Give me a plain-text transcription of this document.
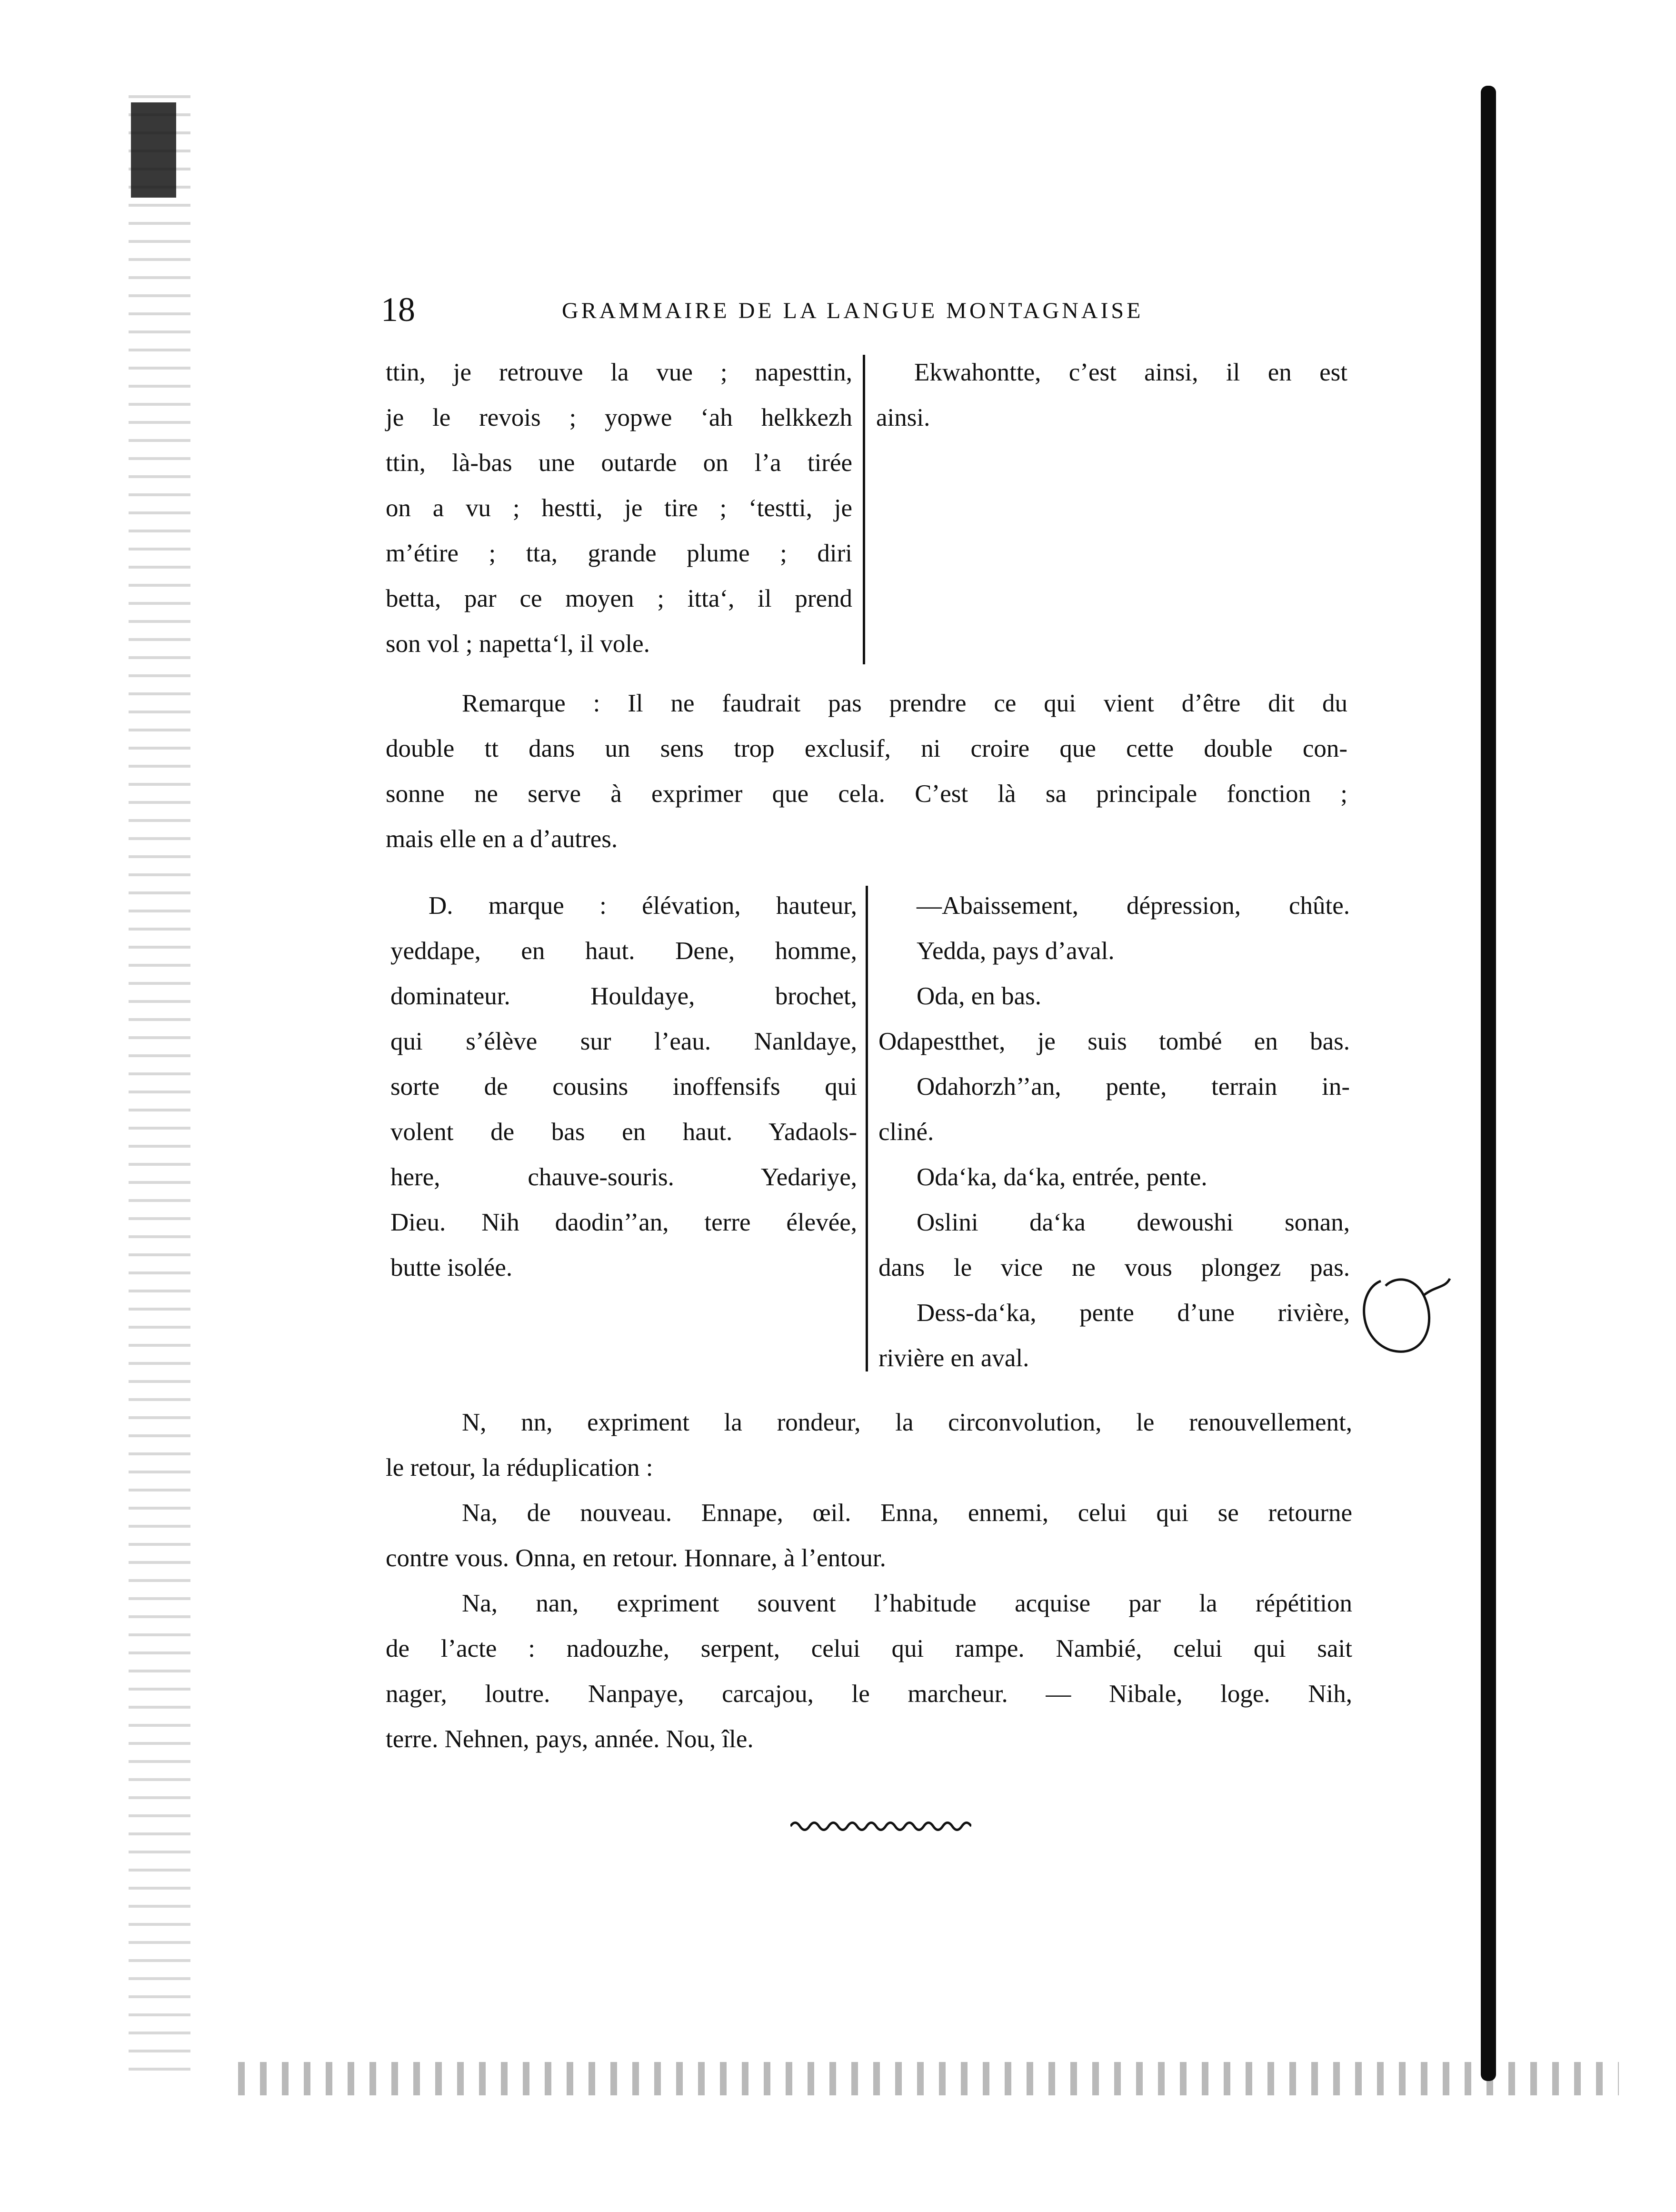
18	GRAMMAIRE DE LA LANGUE MONTAGNAISE
ttin, je retrouve la vue ; napesttin,
je le revois ; yopwe ‘ah helkkezh
ttin, là-bas une outarde on l’a tirée
on a vu ; hestti, je tire ; ‘testti, je
m’étire ; tta, grande plume ; diri
betta, par ce moyen ; itta‘, il prend
son vol ; napetta‘l, il vole.
Ekwahontte, c’est ainsi, il en est
ainsi.
Remarque : Il ne faudrait pas prendre ce qui vient d’être dit du
double tt dans un sens trop exclusif, ni croire que cette double con-
sonne ne serve à exprimer que cela. C’est là sa principale fonction ;
mais elle en a d’autres.
D. marque : élévation, hauteur,
yeddape, en haut. Dene, homme,
dominateur. Houldaye, brochet,
qui s’élève sur l’eau. Nanldaye,
sorte de cousins inoffensifs qui
volent de bas en haut. Yadaols-
here, chauve-souris. Yedariye,
Dieu. Nih daodin’’an, terre élevée,
butte isolée.
—Abaissement, dépression, chûte.
Yedda, pays d’aval.
Oda, en bas.
Odapestthet, je suis tombé en bas.
Odahorzh’’an, pente, terrain in-
cliné.
Oda‘ka, da‘ka, entrée, pente.
Oslini da‘ka dewoushi sonan,
dans le vice ne vous plongez pas.
Dess-da‘ka, pente d’une rivière,
rivière en aval.
N, nn, expriment la rondeur, la circonvolution, le renouvellement,
le retour, la réduplication :
Na, de nouveau. Ennape, œil. Enna, ennemi, celui qui se retourne
contre vous. Onna, en retour. Honnare, à l’entour.
Na, nan, expriment souvent l’habitude acquise par la répétition
de l’acte : nadouzhe, serpent, celui qui rampe. Nambié, celui qui sait
nager, loutre. Nanpaye, carcajou, le marcheur. — Nibale, loge. Nih,
terre. Nehnen, pays, année. Nou, île.
